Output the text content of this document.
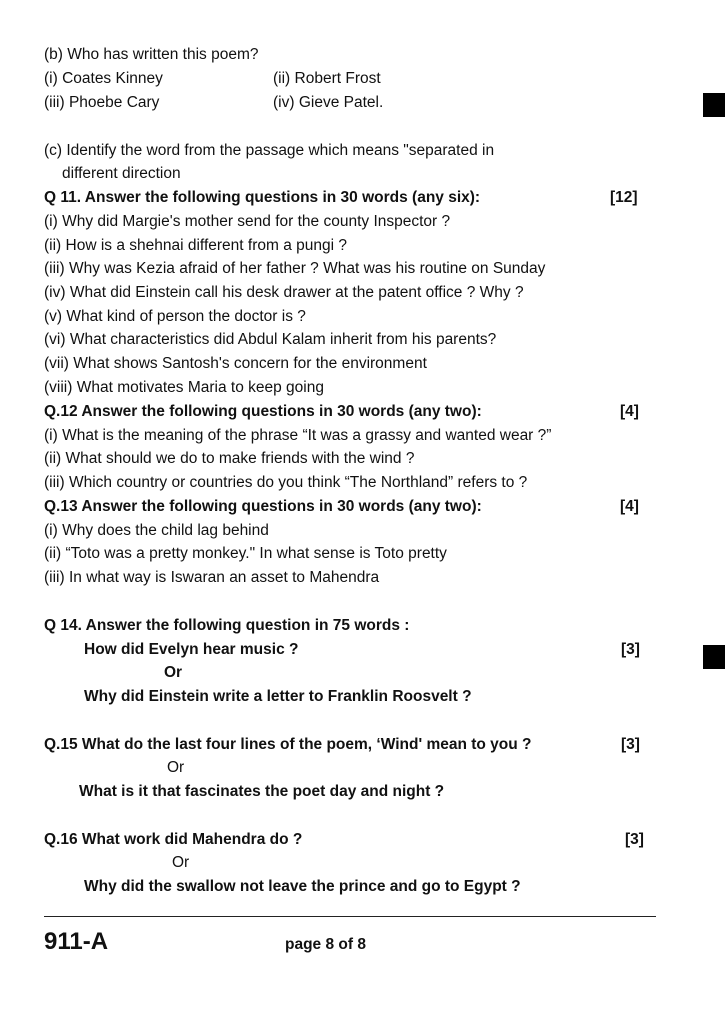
(b) Who has written this poem?
(i) Coates Kinney	(ii) Robert Frost
(iii) Phoebe Cary	(iv) Gieve Patel.
(c) Identify the word from the passage which means "separated in
different direction
Q 11. Answer the following questions in 30 words (any six):	[12]
(i) Why did Margie's mother send for the county Inspector ?
(ii) How is a shehnai different from a pungi ?
(iii) Why was Kezia afraid of her father ? What was his routine on Sunday
(iv) What did Einstein call his desk drawer at the patent office ? Why ?
(v) What kind of person the doctor is ?
(vi) What characteristics did Abdul Kalam inherit from his parents?
(vii) What shows Santosh's concern for the environment
(viii) What motivates Maria to keep going
Q.12 Answer the following questions in 30 words (any two):	[4]
(i) What is the meaning of the phrase “It was a grassy and wanted wear ?”
(ii) What should we do to make friends with the wind ?
(iii) Which country or countries do you think “The Northland” refers to ?
Q.13 Answer the following questions in 30 words (any two):	[4]
(i) Why does the child lag behind
(ii) “Toto was a pretty monkey." In what sense is Toto pretty
(iii) In what way is Iswaran an asset to Mahendra
Q 14. Answer the following question in 75 words :
How did Evelyn hear music ?	[3]
Or
Why did Einstein write a letter to Franklin Roosvelt ?
Q.15 What do the last four lines of the poem, ‘Wind' mean to you ?	[3]
Or
What is it that fascinates the poet day and night ?
Q.16 What work did Mahendra do ?	[3]
Or
Why did the swallow not leave the prince and go to Egypt ?
911-A	page 8 of 8
